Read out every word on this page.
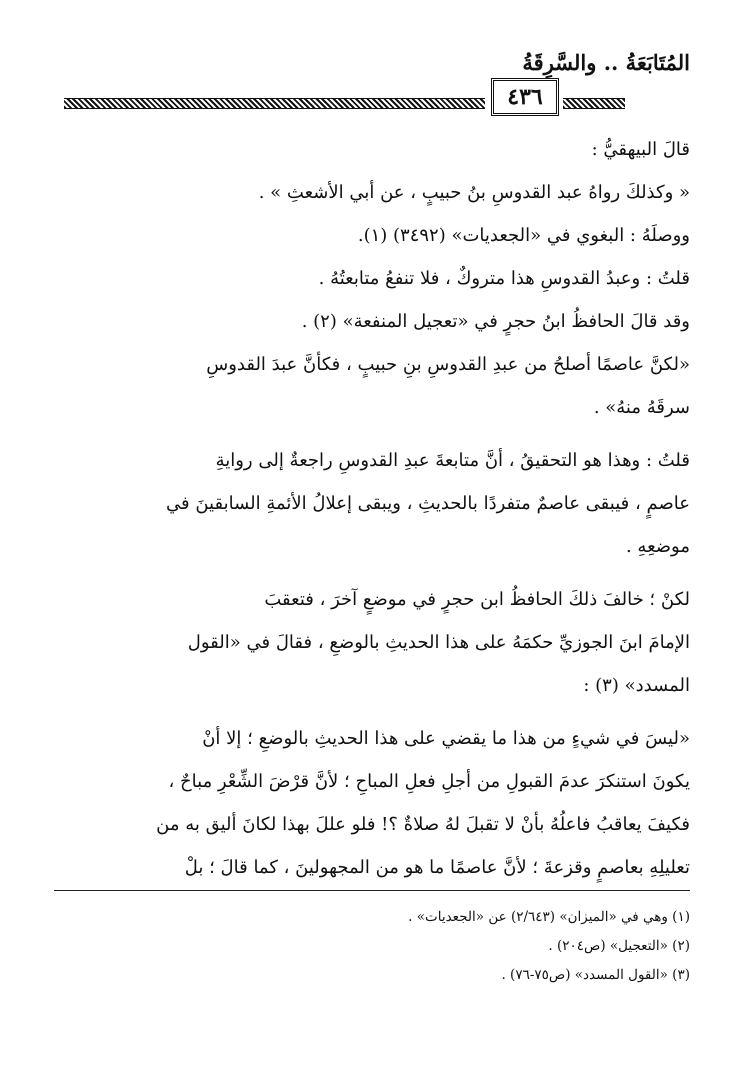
المُتَابَعَةُ .. والسَّرِقَةُ
٤٣٦
قالَ البيهقيُّ :
« وكذلكَ رواهُ عبد القدوسِ بنُ حبيبٍ ، عن أبي الأشعثِ » .
ووصلَهُ : البغوي في «الجعديات» (٣٤٩٢) (١).
قلتُ : وعبدُ القدوسِ هذا متروكٌ ، فلا تنفعُ متابعتُهُ .
وقد قالَ الحافظُ ابنُ حجرٍ في «تعجيل المنفعة» (٢) .
«لكنَّ عاصمًا أصلحُ من عبدِ القدوسِ بنِ حبيبٍ ، فكأنَّ عبدَ القدوسِ
سرقَهُ منهُ» .
قلتُ : وهذا هو التحقيقُ ، أنَّ متابعةَ عبدِ القدوسِ راجعةٌ إلى روايةِ
عاصمٍ ، فيبقى عاصمٌ متفردًا بالحديثِ ، ويبقى إعلالُ الأئمةِ السابقينَ في
موضعِهِ .
لكنْ ؛ خالفَ ذلكَ الحافظُ ابن حجرٍ في موضعٍ آخرَ ، فتعقبَ
الإمامَ ابنَ الجوزيِّ حكمَهُ على هذا الحديثِ بالوضعِ ، فقالَ في «القول
المسدد» (٣) :
«ليسَ في شيءٍ من هذا ما يقضي على هذا الحديثِ بالوضعِ ؛ إلا أنْ
يكونَ استنكرَ عدمَ القبولِ من أجلِ فعلِ المباحِ ؛ لأنَّ قرْضَ الشِّعْرِ مباحٌ ،
فكيفَ يعاقبُ فاعلُهُ بأنْ لا تقبلَ لهُ صلاةٌ ؟! فلو عللَ بهذا لكانَ أليق به من
تعليلِهِ بعاصمٍ وقزعةَ ؛ لأنَّ عاصمًا ما هو من المجهولينَ ، كما قالَ ؛ بلْ
(١) وهي في «الميزان» (٢/٦٤٣) عن «الجعديات» .
(٢) «التعجيل» (ص٢٠٤) .
(٣) «القول المسدد» (ص٧٥-٧٦) .
